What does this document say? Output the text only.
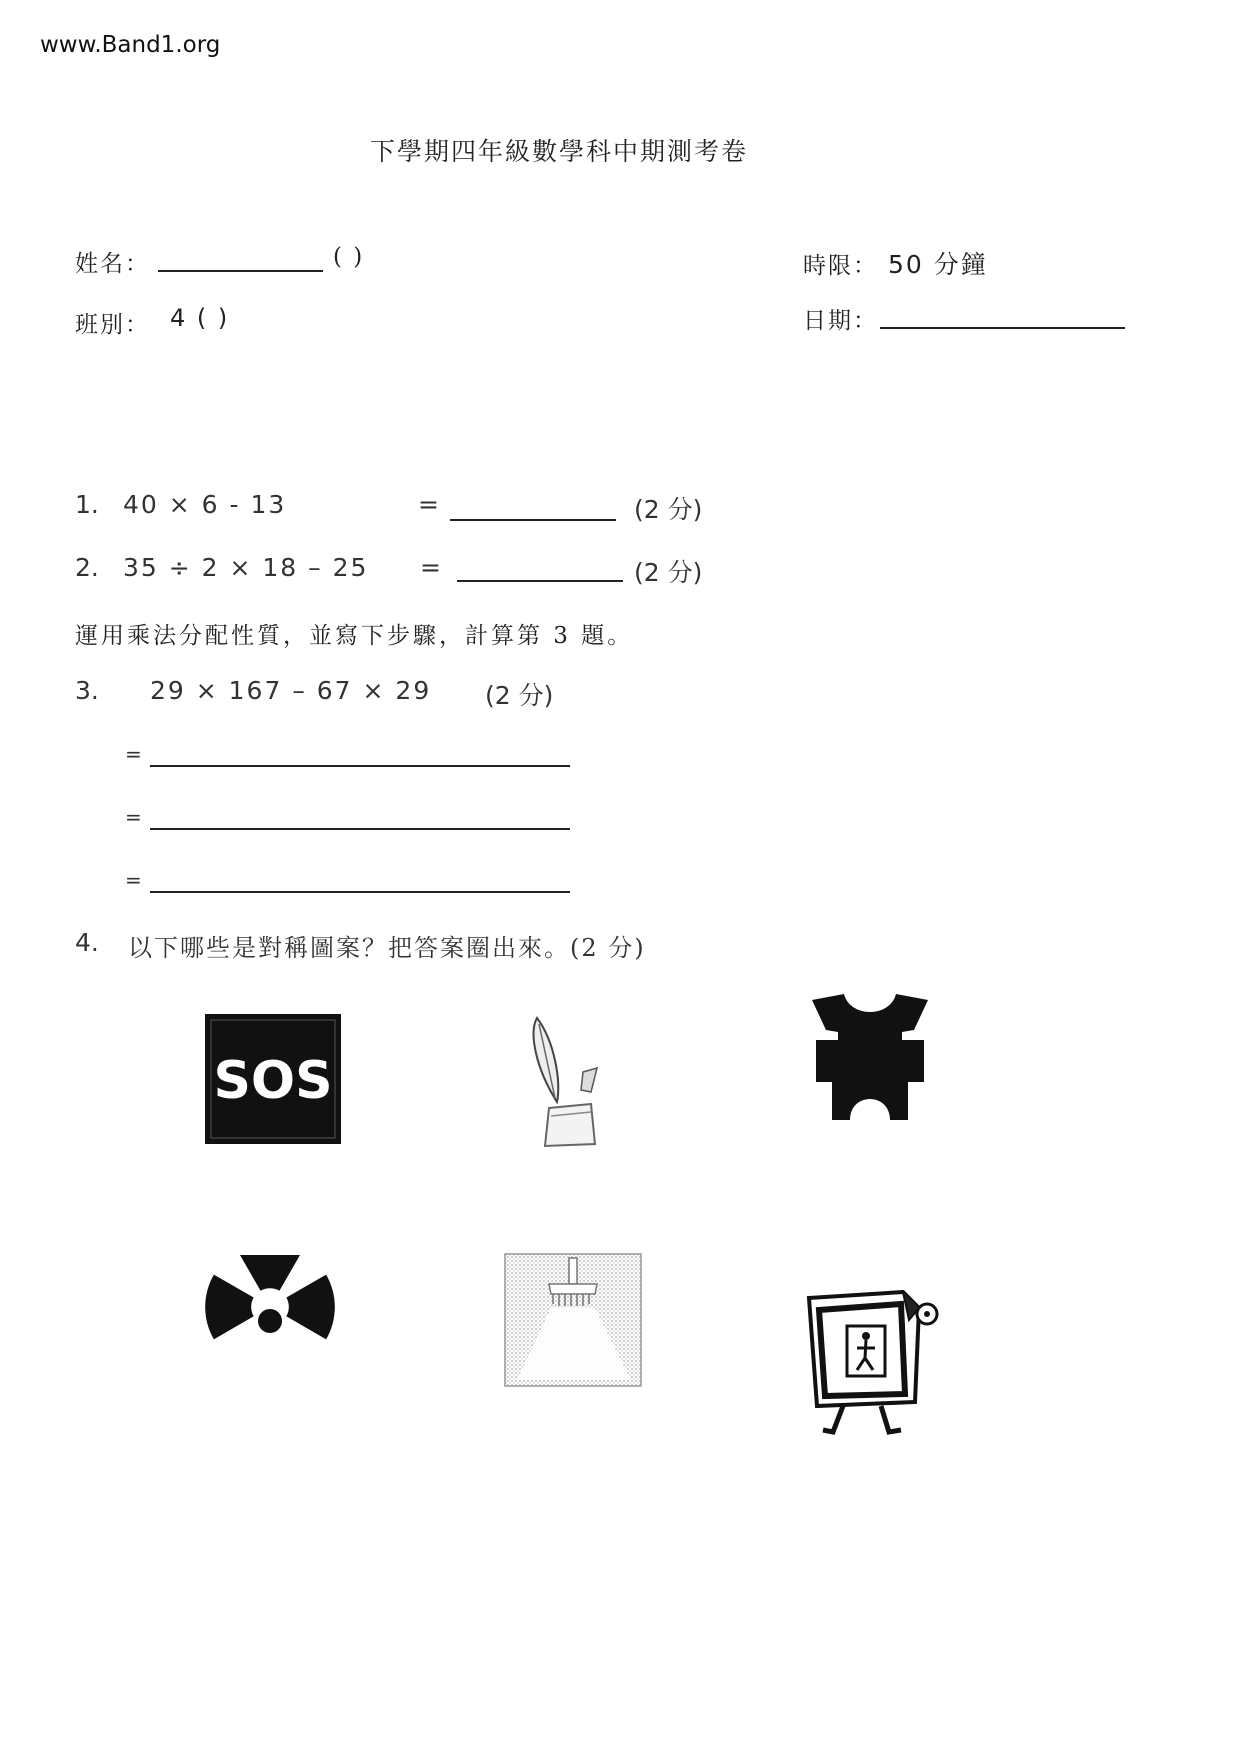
www.Band1.org
下學期四年級數學科中期測考卷
姓名：	( )	時限： 50 分鐘
班別： 4 ( )	日期：
1. 40 × 6 - 13	=	(2 分)
2. 35 ÷ 2 × 18 – 25 =	(2 分)
運用乘法分配性質，並寫下步驟，計算第 3 題。
3. 29 × 167 – 67 × 29 (2 分)
=
=
=
4. 以下哪些是對稱圖案？把答案圈出來。(2 分)
SOS
